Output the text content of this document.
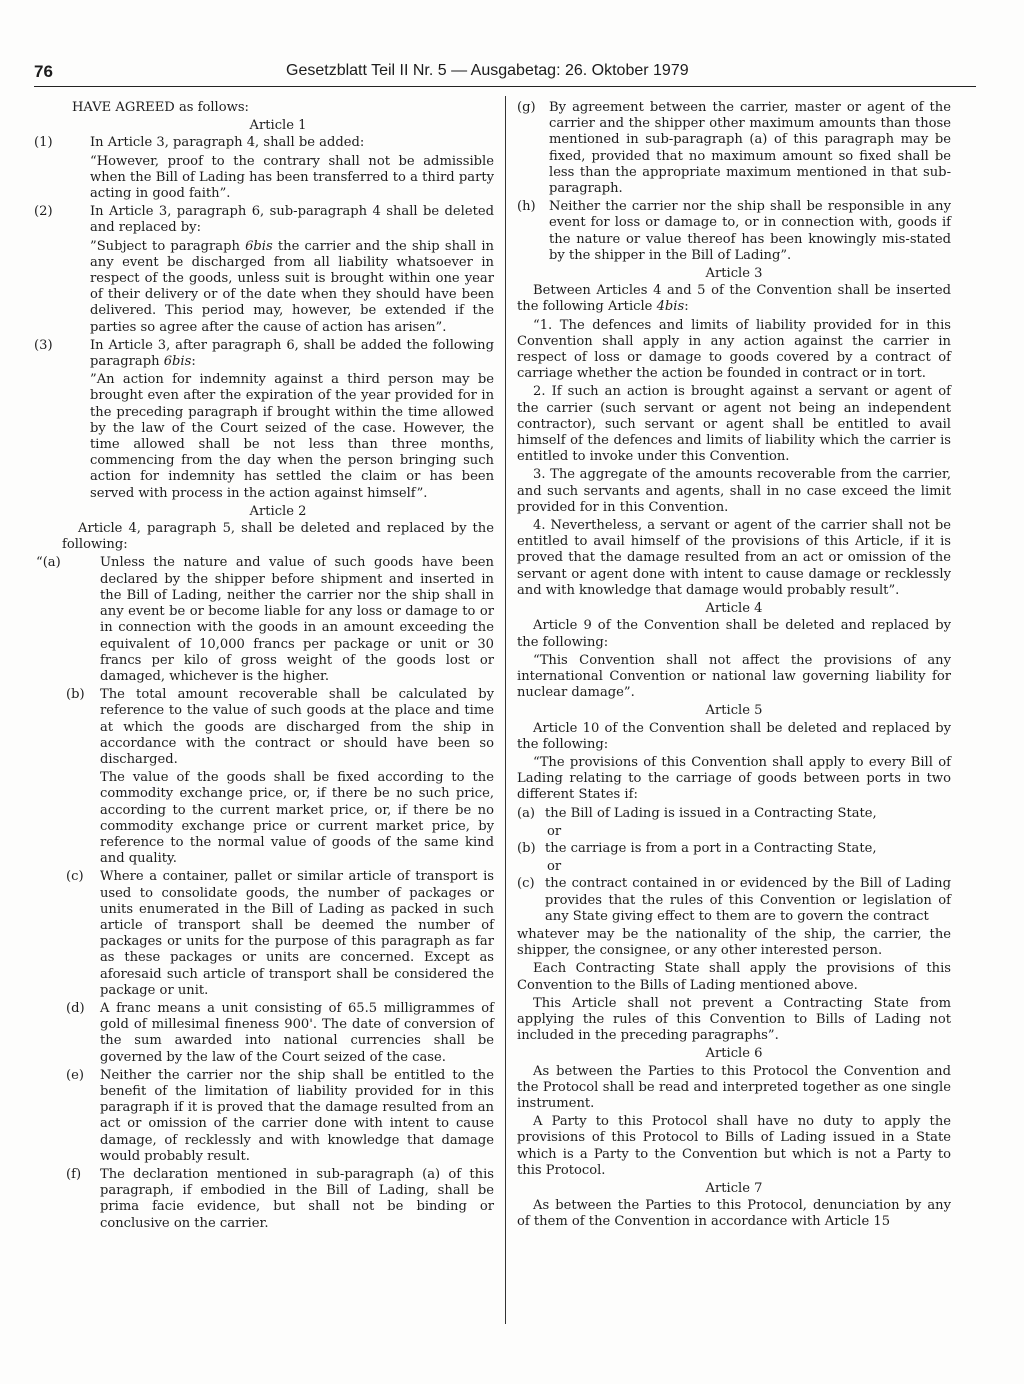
76	Gesetzblatt Teil II Nr. 5 — Ausgabetag: 26. Oktober 1979

HAVE AGREED as follows:

Article 1

(1)	In Article 3, paragraph 4, shall be added:

“However, proof to the contrary shall not be admissible when the Bill of Lading has been transferred to a third party acting in good faith”.

(2)	In Article 3, paragraph 6, sub-paragraph 4 shall be deleted and replaced by:

”Subject to paragraph 6bis the carrier and the ship shall in any event be discharged from all liability whatsoever in respect of the goods, unless suit is brought within one year of their delivery or of the date when they should have been delivered. This period may, however, be extended if the parties so agree after the cause of action has arisen”.

(3)	In Article 3, after paragraph 6, shall be added the following paragraph 6bis:

”An action for indemnity against a third person may be brought even after the expiration of the year provided for in the preceding paragraph if brought within the time allowed by the law of the Court seized of the case. However, the time allowed shall be not less than three months, commencing from the day when the person bringing such action for indemnity has settled the claim or has been served with process in the action against himself”.

Article 2

Article 4, paragraph 5, shall be deleted and replaced by the following:

“(a)	Unless the nature and value of such goods have been declared by the shipper before shipment and inserted in the Bill of Lading, neither the carrier nor the ship shall in any event be or become liable for any loss or damage to or in connection with the goods in an amount exceeding the equivalent of 10,000 francs per package or unit or 30 francs per kilo of gross weight of the goods lost or damaged, whichever is the higher.
(b) The total amount recoverable shall be calculated by reference to the value of such goods at the place and time at which the goods are discharged from the ship in accordance with the contract or should have been so discharged.

The value of the goods shall be fixed according to the commodity exchange price, or, if there be no such price, according to the current market price, or, if there be no commodity exchange price or current market price, by reference to the normal value of goods of the same kind and quality.

(c) Where a container, pallet or similar article of transport is used to consolidate goods, the number of packages or units enumerated in the Bill of Lading as packed in such article of transport shall be deemed the number of packages or units for the purpose of this paragraph as far as these packages or units are concerned. Except as aforesaid such article of transport shall be considered the package or unit.
(d) A franc means a unit consisting of 65.5 milligrammes of gold of millesimal fineness 900'. The date of conversion of the sum awarded into national currencies shall be governed by the law of the Court seized of the case.
(e) Neither the carrier nor the ship shall be entitled to the benefit of the limitation of liability provided for in this paragraph if it is proved that the damage resulted from an act or omission of the carrier done with intent to cause damage, of recklessly and with knowledge that damage would probably result.
(f) The declaration mentioned in sub-paragraph (a) of this paragraph, if embodied in the Bill of Lading, shall be prima facie evidence, but shall not be binding or conclusive on the carrier.
(g) By agreement between the carrier, master or agent of the carrier and the shipper other maximum amounts than those mentioned in sub-paragraph (a) of this paragraph may be fixed, provided that no maximum amount so fixed shall be less than the appropriate maximum mentioned in that sub-paragraph.
(h) Neither the carrier nor the ship shall be responsible in any event for loss or damage to, or in connection with, goods if the nature or value thereof has been knowingly mis-stated by the shipper in the Bill of Lading”.

Article 3

Between Articles 4 and 5 of the Convention shall be inserted the following Article 4bis:

“1. The defences and limits of liability provided for in this Convention shall apply in any action against the carrier in respect of loss or damage to goods covered by a contract of carriage whether the action be founded in contract or in tort.

2. If such an action is brought against a servant or agent of the carrier (such servant or agent not being an independent contractor), such servant or agent shall be entitled to avail himself of the defences and limits of liability which the carrier is entitled to invoke under this Convention.

3. The aggregate of the amounts recoverable from the carrier, and such servants and agents, shall in no case exceed the limit provided for in this Convention.

4. Nevertheless, a servant or agent of the carrier shall not be entitled to avail himself of the provisions of this Article, if it is proved that the damage resulted from an act or omission of the servant or agent done with intent to cause damage or recklessly and with knowledge that damage would probably result”.

Article 4

Article 9 of the Convention shall be deleted and replaced by the following:

“This Convention shall not affect the provisions of any international Convention or national law governing liability for nuclear damage”.

Article 5

Article 10 of the Convention shall be deleted and replaced by the following:

“The provisions of this Convention shall apply to every Bill of Lading relating to the carriage of goods between ports in two different States if:

(a) the Bill of Lading is issued in a Contracting State,

or

(b) the carriage is from a port in a Contracting State,

or

(c) the contract contained in or evidenced by the Bill of Lading provides that the rules of this Convention or legislation of any State giving effect to them are to govern the contract

whatever may be the nationality of the ship, the carrier, the shipper, the consignee, or any other interested person.

Each Contracting State shall apply the provisions of this Convention to the Bills of Lading mentioned above.

This Article shall not prevent a Contracting State from applying the rules of this Convention to Bills of Lading not included in the preceding paragraphs”.

Article 6

As between the Parties to this Protocol the Convention and the Protocol shall be read and interpreted together as one single instrument.

A Party to this Protocol shall have no duty to apply the provisions of this Protocol to Bills of Lading issued in a State which is a Party to the Convention but which is not a Party to this Protocol.

Article 7

As between the Parties to this Protocol, denunciation by any of them of the Convention in accordance with Article 15
